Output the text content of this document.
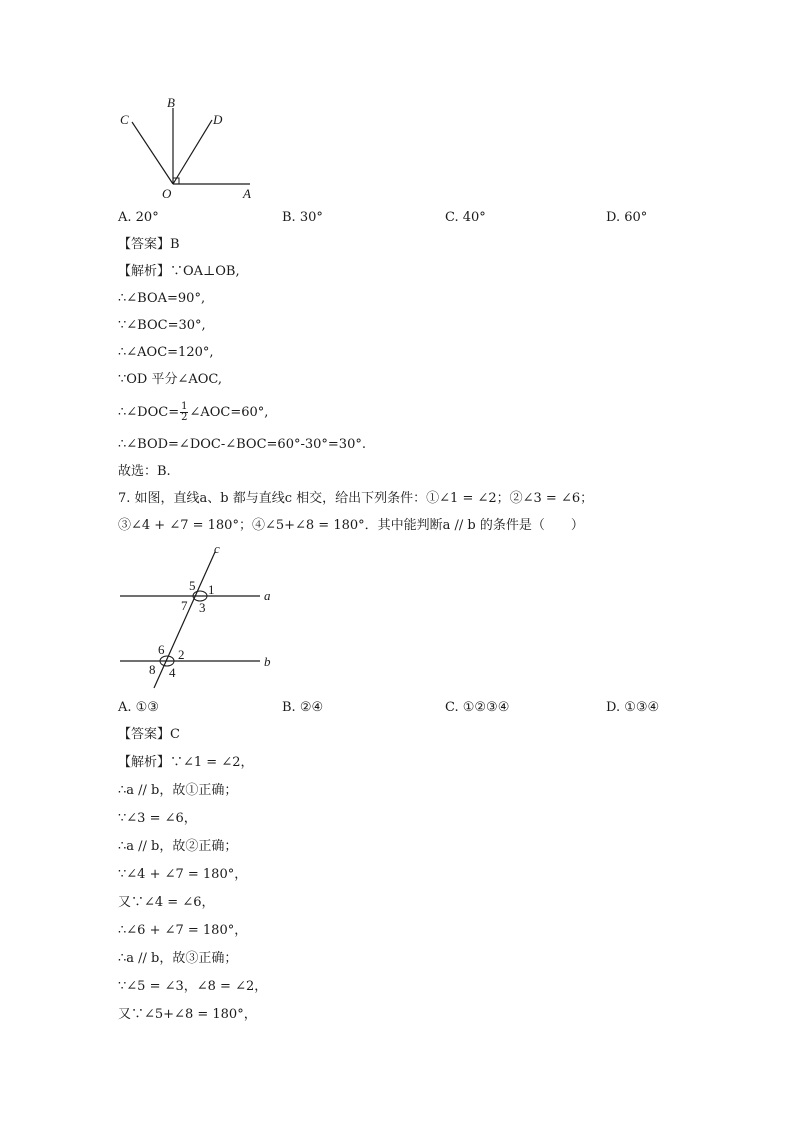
C
B
D
O	A
A. 20°	B. 30°	C. 40°	D. 60°
【答案】B
【解析】∵OA⊥OB,
∴∠BOA=90°,
∵∠BOC=30°,
∴∠AOC=120°,
∵OD 平分∠AOC,
∴∠DOC= $\frac{1}{2}$ ∠AOC=60°,
∴∠BOD=∠DOC-∠BOC=60°-30°=30°.
故选：B.
7. 如图，直线a、b 都与直线c 相交，给出下列条件：①∠1 = ∠2；②∠3 = ∠6；
③∠4 + ∠7 = 180°；④∠5+∠8 = 180°．其中能判断a // b 的条件是（　　）
c
a
b
5 1
7 3
6 2
8 4
A. ①③	B. ②④	C. ①②③④	D. ①③④
【答案】C
【解析】∵∠1 = ∠2，
∴a // b，故①正确；
∵∠3 = ∠6，
∴a // b，故②正确；
∵∠4 + ∠7 = 180°，
又∵∠4 = ∠6，
∴∠6 + ∠7 = 180°，
∴a // b，故③正确；
∵∠5 = ∠3，∠8 = ∠2，
又∵∠5+∠8 = 180°，
